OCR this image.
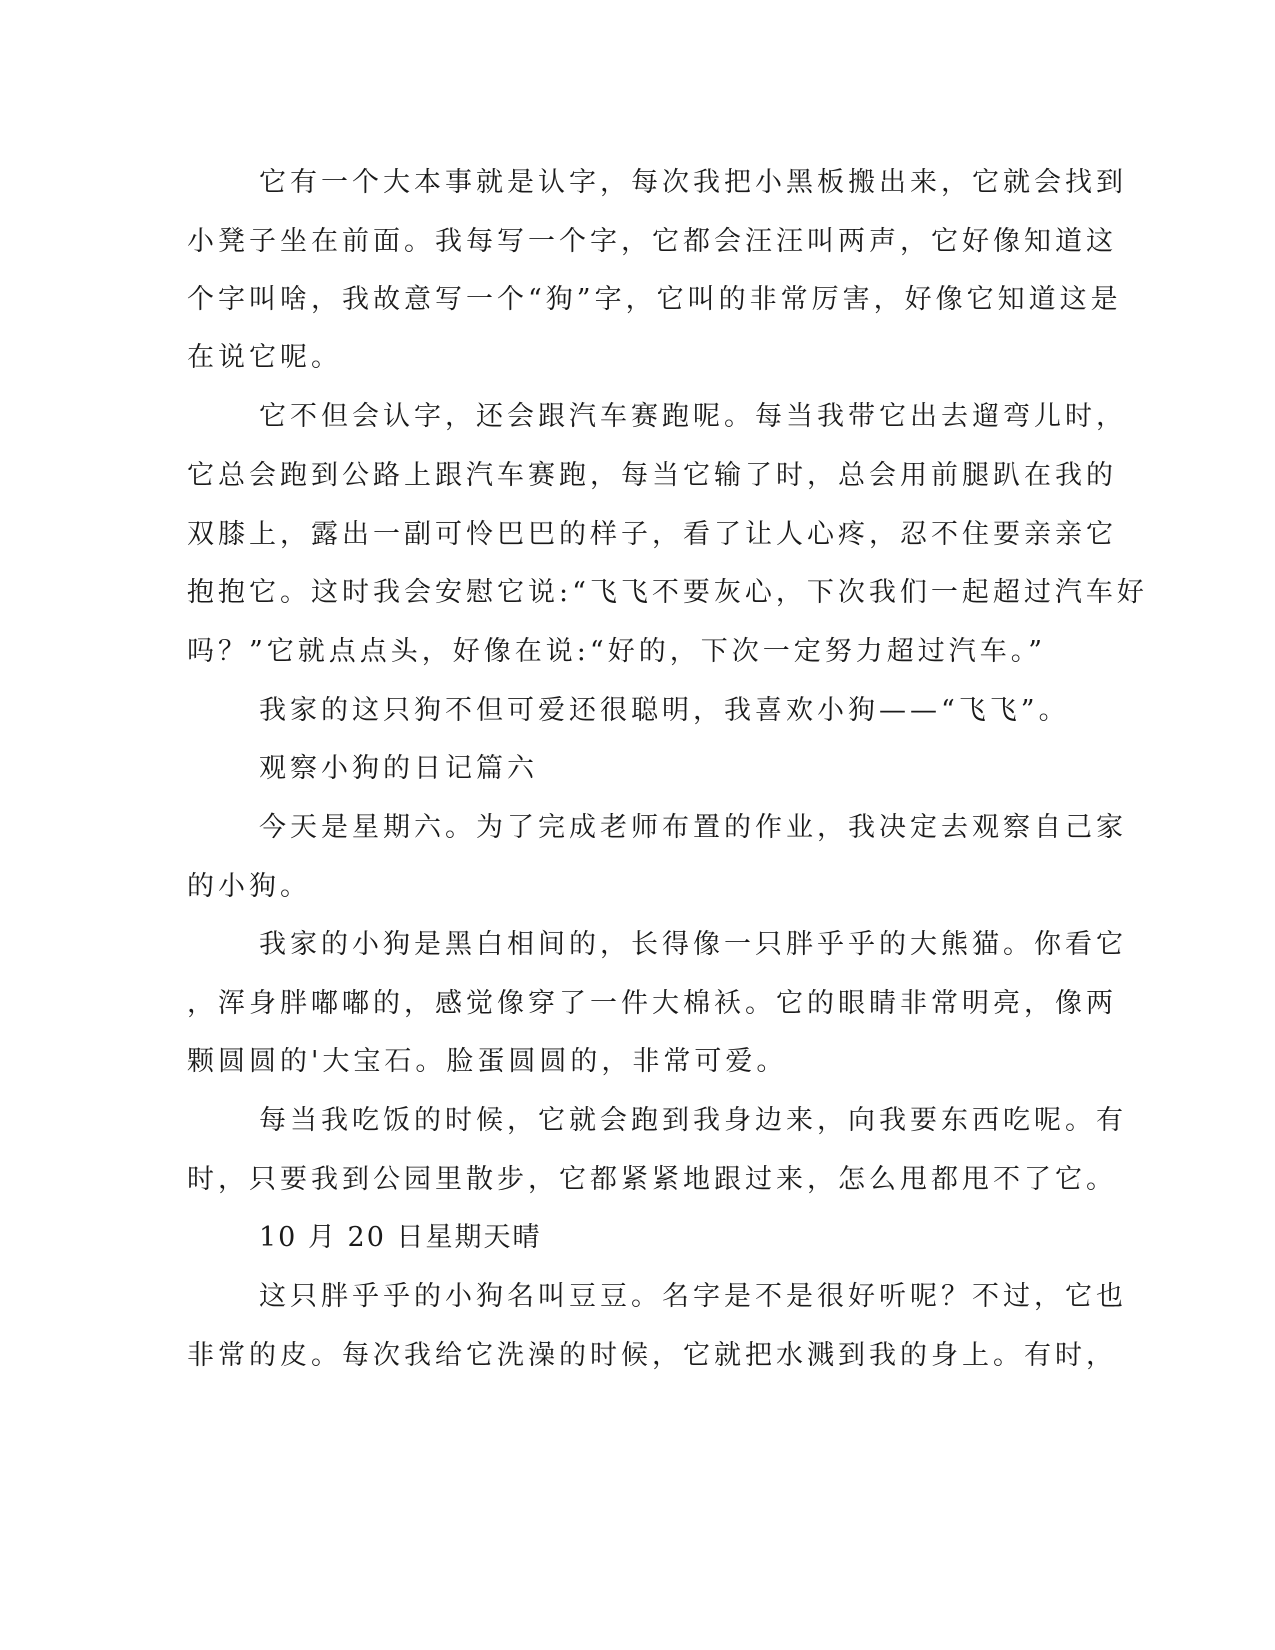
它有一个大本事就是认字，每次我把小黑板搬出来，它就会找到
小凳子坐在前面。我每写一个字，它都会汪汪叫两声，它好像知道这
个字叫啥，我故意写一个“狗”字，它叫的非常厉害，好像它知道这是
在说它呢。
它不但会认字，还会跟汽车赛跑呢。每当我带它出去遛弯儿时，
它总会跑到公路上跟汽车赛跑，每当它输了时，总会用前腿趴在我的
双膝上，露出一副可怜巴巴的样子，看了让人心疼，忍不住要亲亲它
抱抱它。这时我会安慰它说:“飞飞不要灰心，下次我们一起超过汽车好
吗？”它就点点头，好像在说:“好的，下次一定努力超过汽车。”
我家的这只狗不但可爱还很聪明，我喜欢小狗——“飞飞”。
观察小狗的日记篇六
今天是星期六。为了完成老师布置的作业，我决定去观察自己家
的小狗。
我家的小狗是黑白相间的，长得像一只胖乎乎的大熊猫。你看它
，浑身胖嘟嘟的，感觉像穿了一件大棉袄。它的眼睛非常明亮，像两
颗圆圆的'大宝石。脸蛋圆圆的，非常可爱。
每当我吃饭的时候，它就会跑到我身边来，向我要东西吃呢。有
时，只要我到公园里散步，它都紧紧地跟过来，怎么甩都甩不了它。
10 月 20 日星期天晴
这只胖乎乎的小狗名叫豆豆。名字是不是很好听呢？不过，它也
非常的皮。每次我给它洗澡的时候，它就把水溅到我的身上。有时，
